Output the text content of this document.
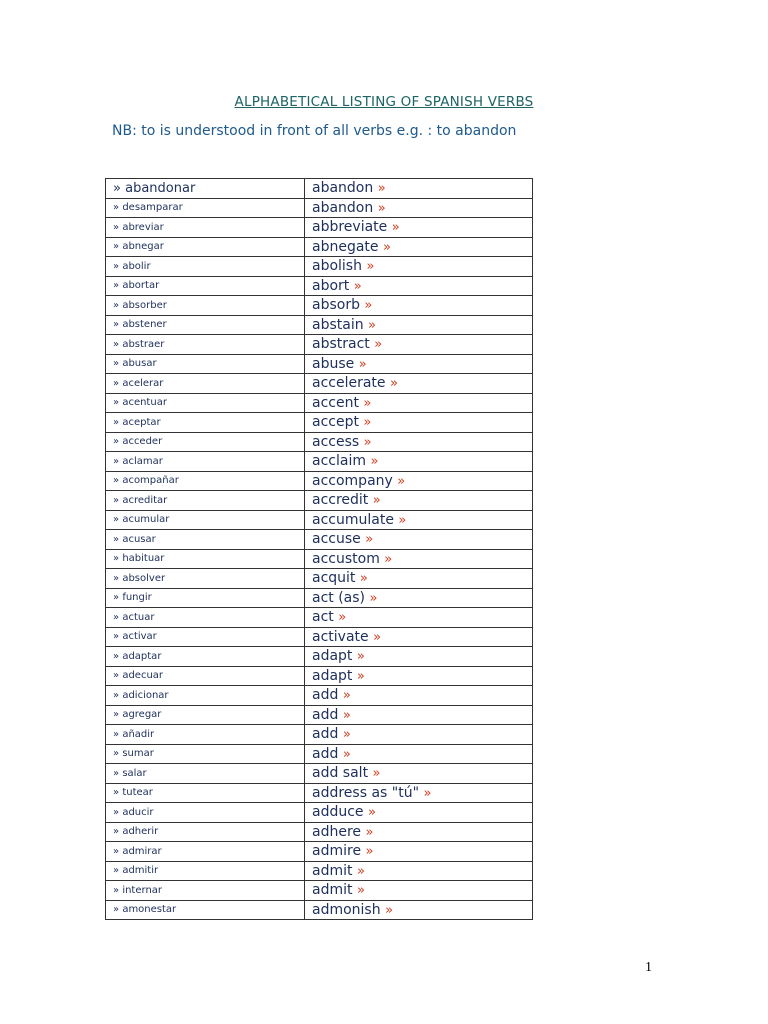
ALPHABETICAL LISTING OF SPANISH VERBS
NB: to is understood in front of all verbs e.g. : to abandon
» abandonar	abandon »
» desamparar	abandon »
» abreviar	abbreviate »
» abnegar	abnegate »
» abolir	abolish »
» abortar	abort »
» absorber	absorb »
» abstener	abstain »
» abstraer	abstract »
» abusar	abuse »
» acelerar	accelerate »
» acentuar	accent »
» aceptar	accept »
» acceder	access »
» aclamar	acclaim »
» acompañar	accompany »
» acreditar	accredit »
» acumular	accumulate »
» acusar	accuse »
» habituar	accustom »
» absolver	acquit »
» fungir	act (as) »
» actuar	act »
» activar	activate »
» adaptar	adapt »
» adecuar	adapt »
» adicionar	add »
» agregar	add »
» añadir	add »
» sumar	add »
» salar	add salt »
» tutear	address as "tú" »
» aducir	adduce »
» adherir	adhere »
» admirar	admire »
» admitir	admit »
» internar	admit »
» amonestar	admonish »
1
